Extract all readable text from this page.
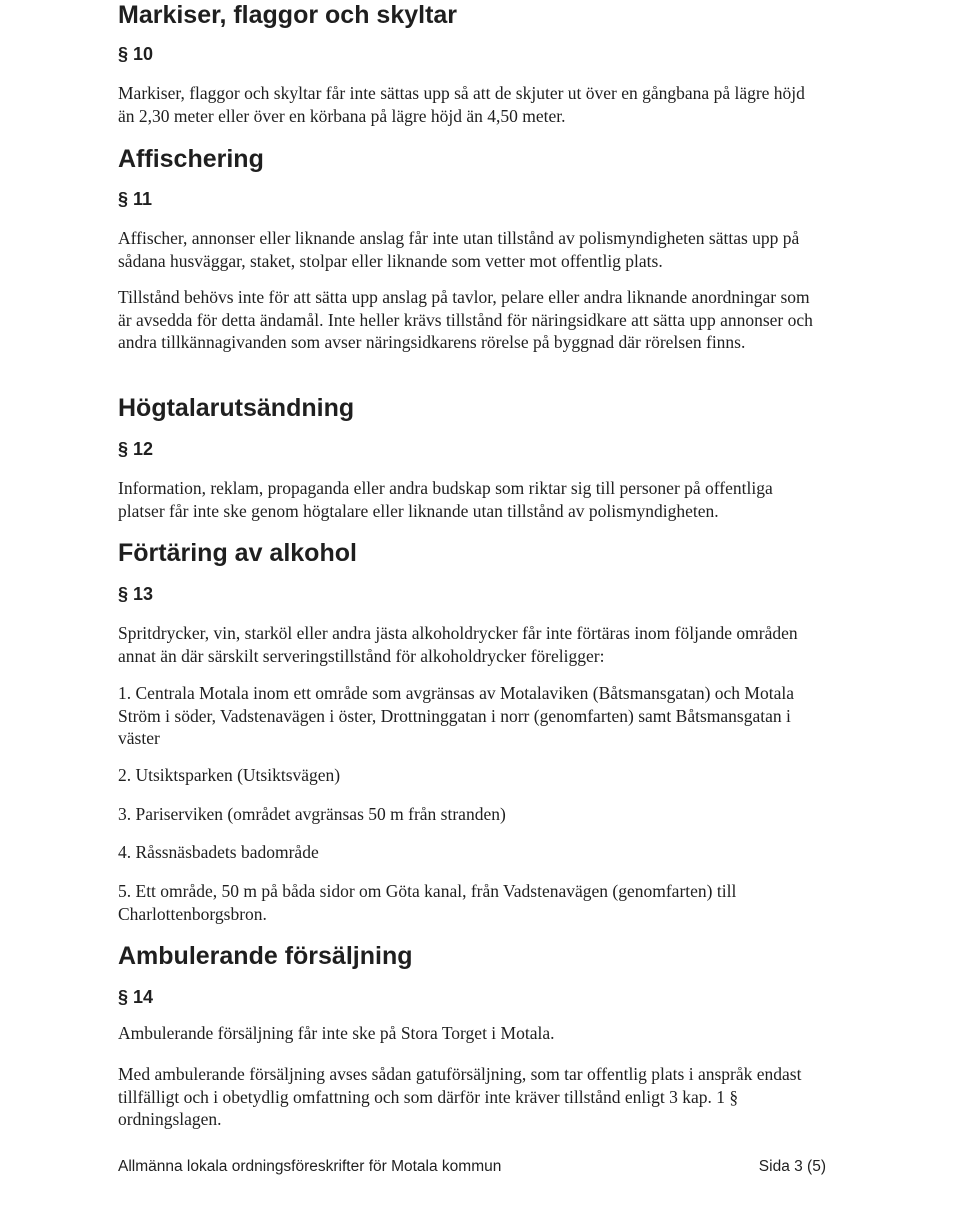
Markiser, flaggor och skyltar
§ 10

Markiser, flaggor och skyltar får inte sättas upp så att de skjuter ut över en gångbana på lägre höjd än 2,30 meter eller över en körbana på lägre höjd än 4,50 meter.

Affischering
§ 11

Affischer, annonser eller liknande anslag får inte utan tillstånd av polismyndigheten sättas upp på sådana husväggar, staket, stolpar eller liknande som vetter mot offentlig plats.

Tillstånd behövs inte för att sätta upp anslag på tavlor, pelare eller andra liknande anordningar som är avsedda för detta ändamål. Inte heller krävs tillstånd för näringsidkare att sätta upp annonser och andra tillkännagivanden som avser näringsidkarens rörelse på byggnad där rörelsen finns.

Högtalarutsändning
§ 12

Information, reklam, propaganda eller andra budskap som riktar sig till personer på offentliga platser får inte ske genom högtalare eller liknande utan tillstånd av polismyndigheten.

Förtäring av alkohol
§ 13

Spritdrycker, vin, starköl eller andra jästa alkoholdrycker får inte förtäras inom följande områden annat än där särskilt serveringstillstånd för alkoholdrycker föreligger:

1. Centrala Motala inom ett område som avgränsas av Motalaviken (Båtsmansgatan) och Motala Ström i söder, Vadstenavägen i öster, Drottninggatan i norr (genomfarten) samt Båtsmansgatan i väster

2. Utsiktsparken (Utsiktsvägen)

3. Pariserviken (området avgränsas 50 m från stranden)

4. Råssnäsbadets badområde

5. Ett område, 50 m på båda sidor om Göta kanal, från Vadstenavägen (genomfarten) till Charlottenborgsbron.

Ambulerande försäljning
§ 14

Ambulerande försäljning får inte ske på Stora Torget i Motala.

Med ambulerande försäljning avses sådan gatuförsäljning, som tar offentlig plats i anspråk endast tillfälligt och i obetydlig omfattning och som därför inte kräver tillstånd enligt 3 kap. 1 § ordningslagen.

Allmänna lokala ordningsföreskrifter för Motala kommun	Sida 3 (5)
